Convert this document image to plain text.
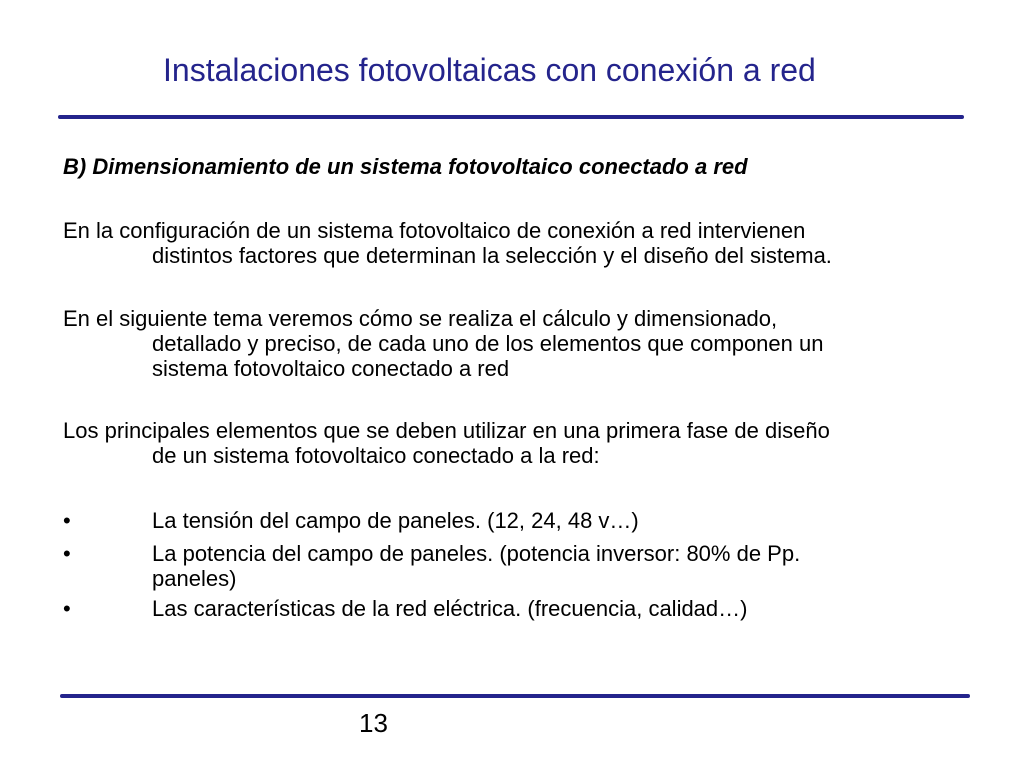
Instalaciones fotovoltaicas con conexión a red
B) Dimensionamiento de un sistema fotovoltaico conectado a red
En la configuración de un sistema fotovoltaico de conexión a red intervienen
distintos factores que determinan la selección y el diseño del sistema.
En el siguiente tema veremos cómo se realiza el cálculo y dimensionado,
detallado y preciso, de cada uno de los elementos que componen un
sistema fotovoltaico conectado a red
Los principales elementos que se deben utilizar en una primera fase de diseño
de un sistema fotovoltaico conectado a la red:
•	La tensión del campo de paneles. (12, 24, 48 v…)
•	La potencia del campo de paneles. (potencia inversor: 80% de Pp.
paneles)
•	Las características de la red eléctrica. (frecuencia, calidad…)
13
